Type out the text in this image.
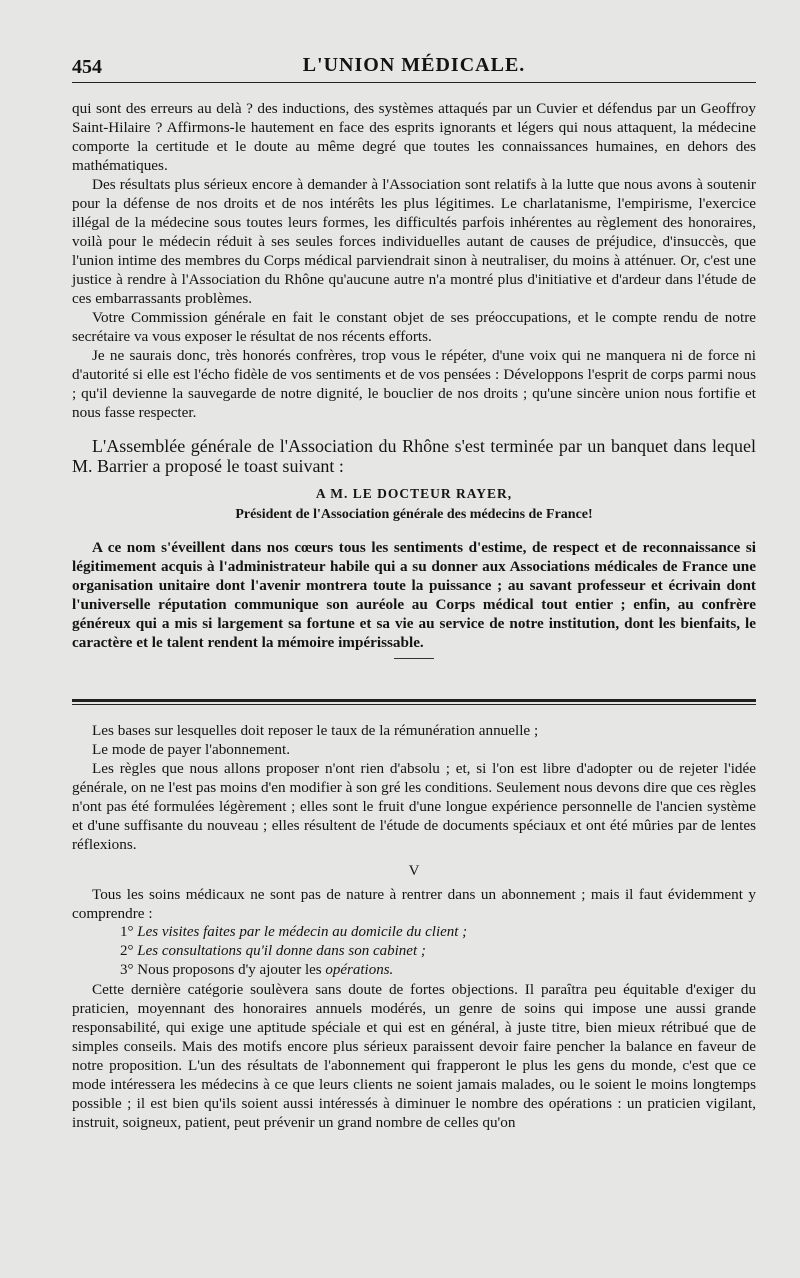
454	L'UNION MÉDICALE.

qui sont des erreurs au delà ? des inductions, des systèmes attaqués par un Cuvier et défendus par un Geoffroy Saint-Hilaire ? Affirmons-le hautement en face des esprits ignorants et légers qui nous attaquent, la médecine comporte la certitude et le doute au même degré que toutes les connaissances humaines, en dehors des mathématiques.

Des résultats plus sérieux encore à demander à l'Association sont relatifs à la lutte que nous avons à soutenir pour la défense de nos droits et de nos intérêts les plus légitimes. Le charlatanisme, l'empirisme, l'exercice illégal de la médecine sous toutes leurs formes, les difficultés parfois inhérentes au règlement des honoraires, voilà pour le médecin réduit à ses seules forces individuelles autant de causes de préjudice, d'insuccès, que l'union intime des membres du Corps médical parviendrait sinon à neutraliser, du moins à atténuer. Or, c'est une justice à rendre à l'Association du Rhône qu'aucune autre n'a montré plus d'initiative et d'ardeur dans l'étude de ces embarrassants problèmes.

Votre Commission générale en fait le constant objet de ses préoccupations, et le compte rendu de notre secrétaire va vous exposer le résultat de nos récents efforts.

Je ne saurais donc, très honorés confrères, trop vous le répéter, d'une voix qui ne manquera ni de force ni d'autorité si elle est l'écho fidèle de vos sentiments et de vos pensées : Développons l'esprit de corps parmi nous ; qu'il devienne la sauvegarde de notre dignité, le bouclier de nos droits ; qu'une sincère union nous fortifie et nous fasse respecter.

L'Assemblée générale de l'Association du Rhône s'est terminée par un banquet dans lequel M. Barrier a proposé le toast suivant :

A M. LE DOCTEUR RAYER,
Président de l'Association générale des médecins de France!

A ce nom s'éveillent dans nos cœurs tous les sentiments d'estime, de respect et de reconnaissance si légitimement acquis à l'administrateur habile qui a su donner aux Associations médicales de France une organisation unitaire dont l'avenir montrera toute la puissance ; au savant professeur et écrivain dont l'universelle réputation communique son auréole au Corps médical tout entier ; enfin, au confrère généreux qui a mis si largement sa fortune et sa vie au service de notre institution, dont les bienfaits, le caractère et le talent rendent la mémoire impérissable.

Les bases sur lesquelles doit reposer le taux de la rémunération annuelle ;

Le mode de payer l'abonnement.

Les règles que nous allons proposer n'ont rien d'absolu ; et, si l'on est libre d'adopter ou de rejeter l'idée générale, on ne l'est pas moins d'en modifier à son gré les conditions. Seulement nous devons dire que ces règles n'ont pas été formulées légèrement ; elles sont le fruit d'une longue expérience personnelle de l'ancien système et d'une suffisante du nouveau ; elles résultent de l'étude de documents spéciaux et ont été mûries par de lentes réflexions.

V

Tous les soins médicaux ne sont pas de nature à rentrer dans un abonnement ; mais il faut évidemment y comprendre :

1° Les visites faites par le médecin au domicile du client ;

2° Les consultations qu'il donne dans son cabinet ;

3° Nous proposons d'y ajouter les opérations.

Cette dernière catégorie soulèvera sans doute de fortes objections. Il paraîtra peu équitable d'exiger du praticien, moyennant des honoraires annuels modérés, un genre de soins qui impose une aussi grande responsabilité, qui exige une aptitude spéciale et qui est en général, à juste titre, bien mieux rétribué que de simples conseils. Mais des motifs encore plus sérieux paraissent devoir faire pencher la balance en faveur de notre proposition. L'un des résultats de l'abonnement qui frapperont le plus les gens du monde, c'est que ce mode intéressera les médecins à ce que leurs clients ne soient jamais malades, ou le soient le moins longtemps possible ; il est bien qu'ils soient aussi intéressés à diminuer le nombre des opérations : un praticien vigilant, instruit, soigneux, patient, peut prévenir un grand nombre de celles qu'on
